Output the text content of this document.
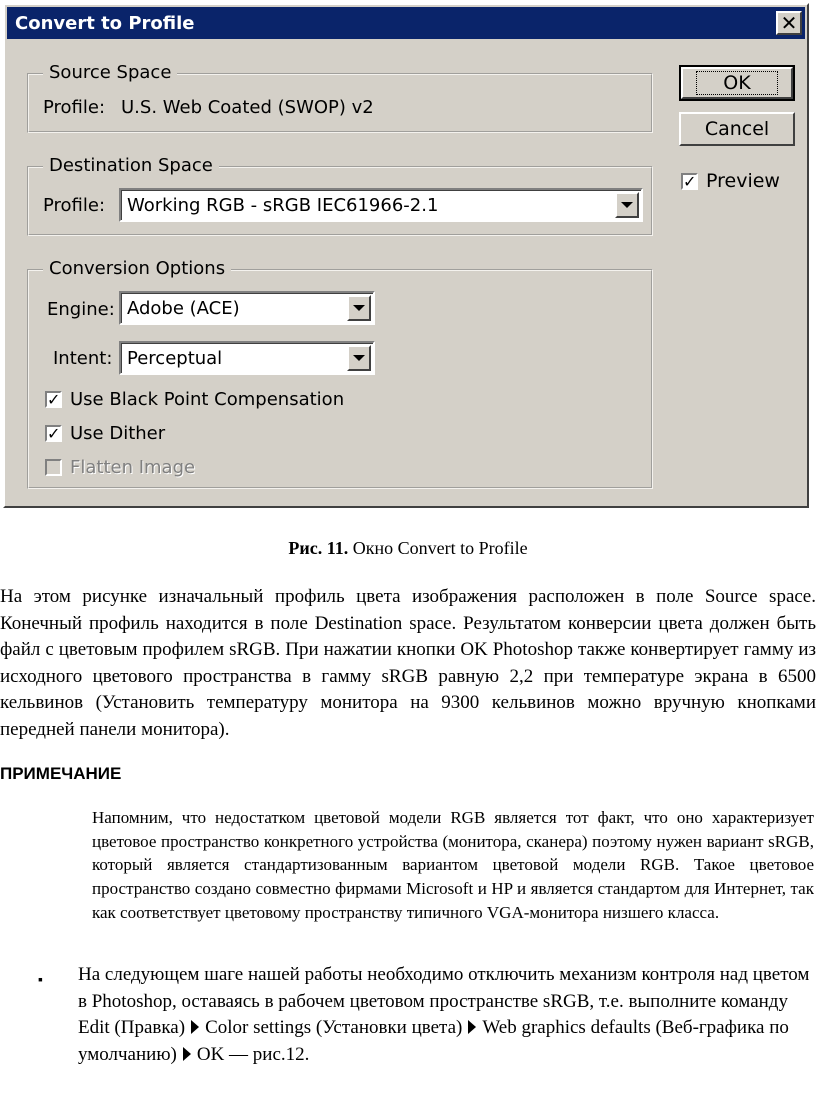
Convert to Profile	✕
Source Space
Profile: U.S. Web Coated (SWOP) v2
Destination Space
Profile: Working RGB - sRGB IEC61966-2.1
Conversion Options
Engine: Adobe (ACE)
Intent: Perceptual
✓ Use Black Point Compensation
✓ Use Dither
Flatten Image
OK
Cancel
✓ Preview
Рис. 11. Окно Convert to Profile
На этом рисунке изначальный профиль цвета изображения расположен в поле Source space. Конечный профиль находится в поле Destination space. Результатом конверсии цвета должен быть файл с цветовым профилем sRGB. При нажатии кнопки OK Photoshop также конвертирует гамму из исходного цветового пространства в гамму sRGB равную 2,2 при температуре экрана в 6500 кельвинов (Установить температуру монитора на 9300 кельвинов можно вручную кнопками передней панели монитора).
ПРИМЕЧАНИЕ
Напомним, что недостатком цветовой модели RGB является тот факт, что оно характеризует цветовое пространство конкретного устройства (монитора, сканера) поэтому нужен вариант sRGB, который является стандартизованным вариантом цветовой модели RGB. Такое цветовое пространство создано совместно фирмами Microsoft и HP и является стандартом для Интернет, так как соответствует цветовому пространству типичного VGA-монитора низшего класса.
▪ На следующем шаге нашей работы необходимо отключить механизм контроля над цветом в Photoshop, оставаясь в рабочем цветовом пространстве sRGB, т.е. выполните команду Edit (Правка) Color settings (Установки цвета) Web graphics defaults (Веб-графика по умолчанию) OK — рис.12.
